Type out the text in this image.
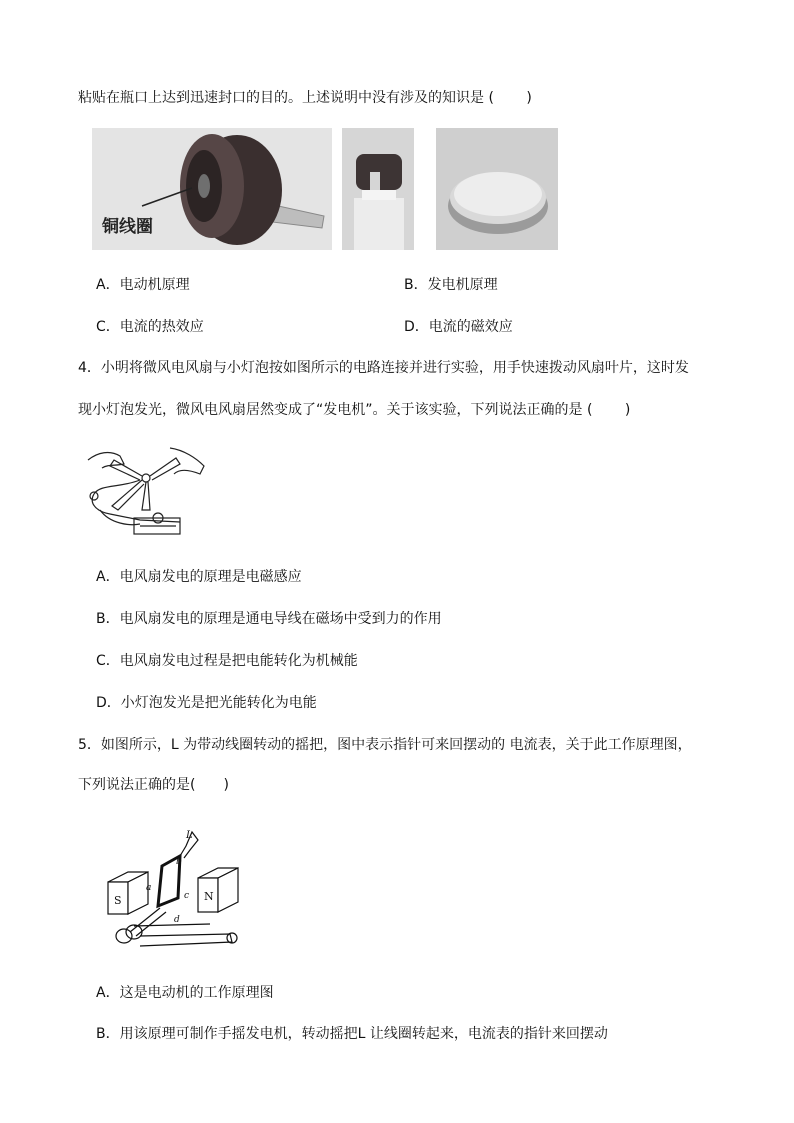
粘贴在瓶口上达到迅速封口的目的。上述说明中没有涉及的知识是 (　　 )
铜线圈
A．电动机原理	B．发电机原理
C．电流的热效应	D．电流的磁效应
4．小明将微风电风扇与小灯泡按如图所示的电路连接并进行实验，用手快速拨动风扇叶片，这时发
现小灯泡发光，微风电风扇居然变成了“发电机”。关于该实验，下列说法正确的是 (　　 )
A．电风扇发电的原理是电磁感应
B．电风扇发电的原理是通电导线在磁场中受到力的作用
C．电风扇发电过程是把电能转化为机械能
D．小灯泡发光是把光能转化为电能
5．如图所示，L 为带动线圈转动的摇把，图中表示指针可来回摆动的 电流表，关于此工作原理图，
下列说法正确的是(　　)
S	N
L
b
a
c
d
A．这是电动机的工作原理图
B．用该原理可制作手摇发电机，转动摇把L 让线圈转起来，电流表的指针来回摆动
